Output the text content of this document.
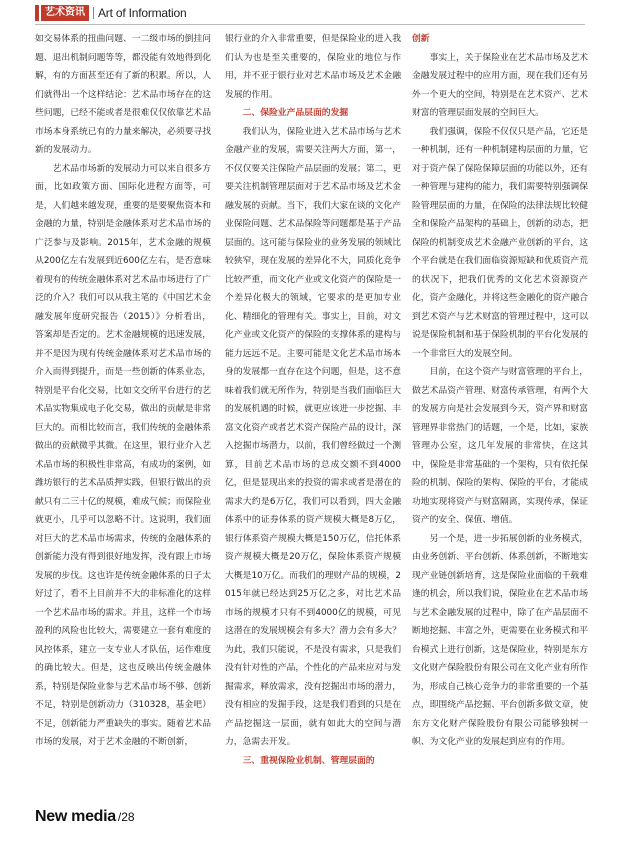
艺术资讯	Art of Information

如交易体系的扭曲问题、一二级市场的倒挂问题、退出机制问题等等，都没能有效地得到化解，有的方面甚至还有了新的积累。所以，人们就得出一个这样结论：艺术品市场存在的这些问题，已经不能或者是很难仅仅依靠艺术品市场本身系统已有的力量来解决，必须要寻找新的发展动力。

艺术品市场新的发展动力可以来自很多方面，比如政策方面、国际化进程方面等，可是，人们越来越发现，重要的是要聚焦资本和金融的力量，特别是金融体系对艺术品市场的广泛参与及影响。2015年，艺术金融的规模从200亿左右发展到近600亿左右，是否意味着现有的传统金融体系对艺术品市场进行了广泛的介入？我们可以从我主笔的《中国艺术金融发展年度研究报告（2015）》分析看出，答案却是否定的。艺术金融规模的迅速发展，并不是因为现有传统金融体系对艺术品市场的介入而得到提升，而是一些创新的体系业态，特别是平台化交易，比如文交所平台进行的艺术品实物集成电子化交易，做出的贡献是非常巨大的。而相比较而言，我们传统的金融体系做出的贡献微乎其微。在这里，银行业介入艺术品市场的积极性非常高，有成功的案例，如潍坊银行的艺术品质押实践，但银行做出的贡献只有二三十亿的规模，难成气候；而保险业就更小，几乎可以忽略不计。这说明，我们面对巨大的艺术品市场需求，传统的金融体系的创新能力没有得到很好地发挥，没有跟上市场发展的步伐。这也许是传统金融体系的日子太好过了，看不上目前并不大的非标准化的这样一个艺术品市场的需求。并且，这样一个市场盈利的风险也比较大，需要建立一套有难度的风控体系，建立一支专业人才队伍，运作难度的确比较大。但是，这也反映出传统金融体系，特别是保险业参与艺术品市场不够、创新不足，特别是创新动力（310328，基金吧）不足，创新能力严重缺失的事实。随着艺术品市场的发展，对于艺术金融的不断创新，

银行业的介入非常重要，但是保险业的进入我们认为也是至关重要的，保险业的地位与作用，并不亚于银行业对艺术品市场及艺术金融发展的作用。

二、保险业产品层面的发掘

我们认为，保险业进入艺术品市场与艺术金融产业的发展，需要关注两大方面，第一，不仅仅要关注保险产品层面的发展；第二，更要关注机制管理层面对于艺术品市场及艺术金融发展的贡献。当下，我们大家在谈的文化产业保险问题、艺术品保险等问题都是基于产品层面的。这可能与保险业的业务发展的领域比较狭窄，现在发展的差异化不大，同质化竞争比较严重，而文化产业或文化资产的保险是一个差异化极大的领域，它要求的是更加专业化、精细化的管理有关。事实上，目前，对文化产业或文化资产的保险的支撑体系的建构与能力远远不足。主要可能是文化艺术品市场本身的发展都一直存在这个问题，但是，这不意味着我们就无所作为，特别是当我们面临巨大的发展机遇的时候，就更应该进一步挖掘、丰富文化资产或者艺术资产保险产品的设计，深入挖掘市场潜力，以前，我们曾经做过一个测算，目前艺术品市场的总成交额不到4000亿，但是显现出来的投资的需求或者是潜在的需求大约是6万亿，我们可以看到，四大金融体系中的证券体系的资产规模大概是8万亿，银行体系资产规模大概是150万亿，信托体系资产规模大概是20万亿，保险体系资产规模大概是10万亿。而我们的理财产品的规模，2015年就已经达到25万亿之多，对比艺术品市场的规模才只有不到4000亿的规模，可见这潜在的发展规模会有多大？潜力会有多大？为此，我们只能说，不是没有需求，只是我们没有针对性的产品，个性化的产品来应对与发掘需求，释放需求，没有挖掘出市场的潜力，没有相应的发掘手段，这是我们看到的只是在产品挖掘这一层面，就有如此大的空间与潜力，急需去开发。

三、重视保险业机制、管理层面的

创新

事实上，关于保险业在艺术品市场及艺术金融发展过程中的应用方面，现在我们还有另外一个更大的空间，特别是在艺术资产、艺术财富的管理层面发展的空间巨大。

我们强调，保险不仅仅只是产品，它还是一种机制，还有一种机制建构层面的力量，它对于资产保了保险保障层面的功能以外，还有一种管理与建构的能力，我们需要特别强调保险管理层面的力量，在保险的法律法规比较健全和保险产品架构的基础上，创新的动态，把保险的机制变成艺术金融产业创新的平台，这个平台就是在我们面临资源短缺和优质资产荒的状况下，把我们优秀的文化艺术资源资产化，资产金融化，并将这些金融化的资产融合到艺术资产与艺术财富的管理过程中，这可以说是保险机制和基于保险机制的平台化发展的一个非常巨大的发展空间。

目前，在这个资产与财富管理的平台上，做艺术品资产管理、财富传承管理，有两个大的发展方向是社会发展到今天，资产界和财富管理界非常热门的话题，一个是，比如，家族管理办公室，这几年发展的非常快，在这其中，保险是非常基础的一个架构，只有依托保险的机制、保险的架构、保险的平台，才能成功地实现将资产与财富隔离，实现传承，保证资产的安全、保值、增值。

另一个是，进一步拓展创新的业务模式，由业务创新、平台创新、体系创新，不断地实现产业链创新培育，这是保险业面临的千载难逢的机会，所以我们说，保险业在艺术品市场与艺术金融发展的过程中，除了在产品层面不断地挖掘、丰富之外，更需要在业务模式和平台模式上进行创新，这是保险业，特别是东方文化财产保险股份有限公司在文化产业有所作为，形成自己核心竞争力的非常重要的一个基点，即围绕产品挖掘、平台创新多做文章，使东方文化财产保险股份有限公司能够独树一帜、为文化产业的发展起到应有的作用。

New media /28
